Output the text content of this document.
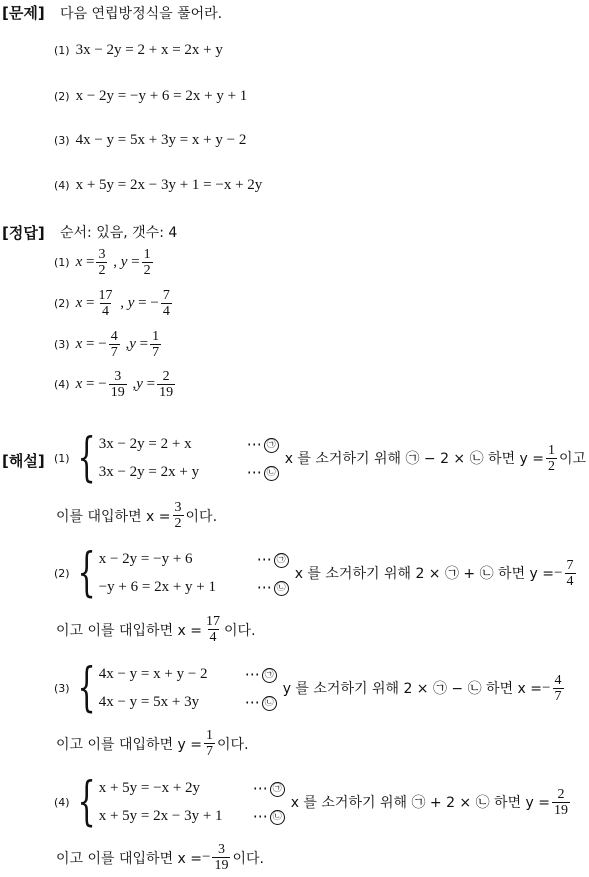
[문제] 다음 연립방정식을 풀어라.
(1) 3x − 2y = 2 + x = 2x + y
(2) x − 2y = −y + 6 = 2x + y + 1
(3) 4x − y = 5x + 3y = x + y − 2
(4) x + 5y = 2x − 3y + 1 = −x + 2y
[정답] 순서: 있음, 갯수: 4
(1) $x = \frac{3}{2}$ , $y = \frac{1}{2}$
(2) $x = \frac{17}{4}$ , y = − $\frac{7}{4}$
(3) x = − $\frac{4}{7} ,y = \frac{1}{7}$
(4) x = − $\frac{3}{19} ,y = \frac{2}{19}$
[해설] (1) { 3x − 2y = 2 + x	⋯ ㉠
3x − 2y = 2x + y	⋯ ㉡
x 를 소거하기 위해 ㉠ − 2 × ㉡ 하면 $y = \frac{1}{2}$ 이고
이를 대입하면 $x = \frac{3}{2}$ 이다.
(2) { x − 2y = −y + 6	⋯ ㉠
−y + 6 = 2x + y + 1	⋯ ㉡
x 를 소거하기 위해 2 × ㉠ + ㉡ 하면 y = − $\frac{7}{4}$
이고 이를 대입하면 $x = \frac{17}{4}$ 이다.
(3) { 4x − y = x + y − 2	⋯ ㉠
4x − y = 5x + 3y	⋯ ㉡
y 를 소거하기 위해 2 × ㉠ − ㉡ 하면 x = − $\frac{4}{7}$
이고 이를 대입하면 $y = \frac{1}{7}$ 이다.
(4) { x + 5y = −x + 2y	⋯ ㉠
x + 5y = 2x − 3y + 1	⋯ ㉡
x 를 소거하기 위해 ㉠ + 2 × ㉡ 하면 $y = \frac{2}{19}$
이고 이를 대입하면 x = − $\frac{3}{19}$ 이다.
